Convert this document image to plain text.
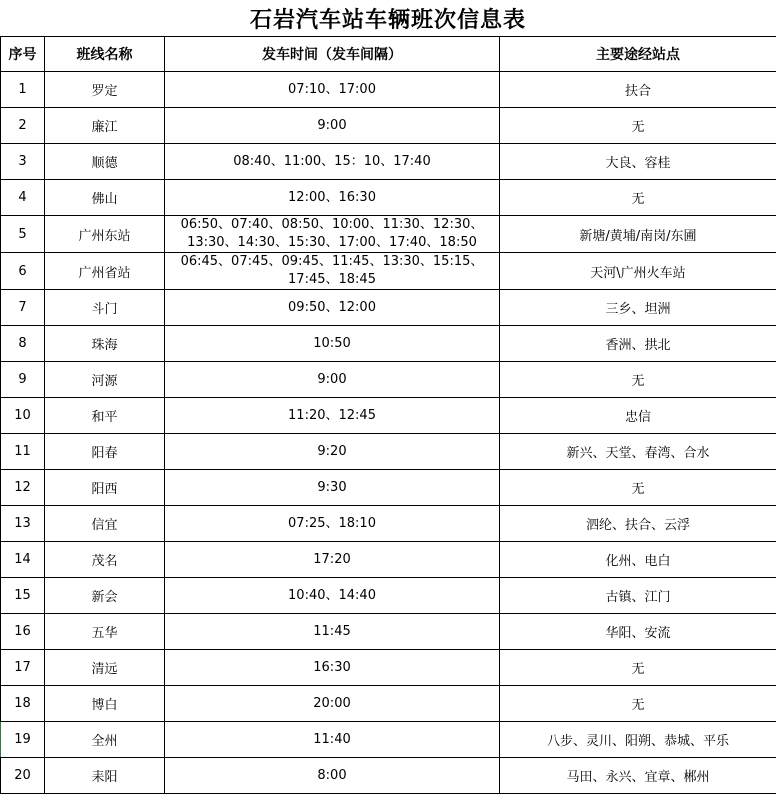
石岩汽车站车辆班次信息表
序号	班线名称	发车时间（发车间隔）	主要途经站点
1	罗定	07:10、17:00	扶合
2	廉江	9:00	无
3	顺德	08:40、11:00、15：10、17:40	大良、容桂
4	佛山	12:00、16:30	无
5	广州东站	06:50、07:40、08:50、10:00、11:30、12:30、13:30、14:30、15:30、17:00、17:40、18:50	新塘/黄埔/南岗/东圃
6	广州省站	06:45、07:45、09:45、11:45、13:30、15:15、17:45、18:45	天河\广州火车站
7	斗门	09:50、12:00	三乡、坦洲
8	珠海	10:50	香洲、拱北
9	河源	9:00	无
10	和平	11:20、12:45	忠信
11	阳春	9:20	新兴、天堂、春湾、合水
12	阳西	9:30	无
13	信宜	07:25、18:10	泗纶、扶合、云浮
14	茂名	17:20	化州、电白
15	新会	10:40、14:40	古镇、江门
16	五华	11:45	华阳、安流
17	清远	16:30	无
18	博白	20:00	无
19	全州	11:40	八步、灵川、阳朔、恭城、平乐
20	耒阳	8:00	马田、永兴、宜章、郴州
